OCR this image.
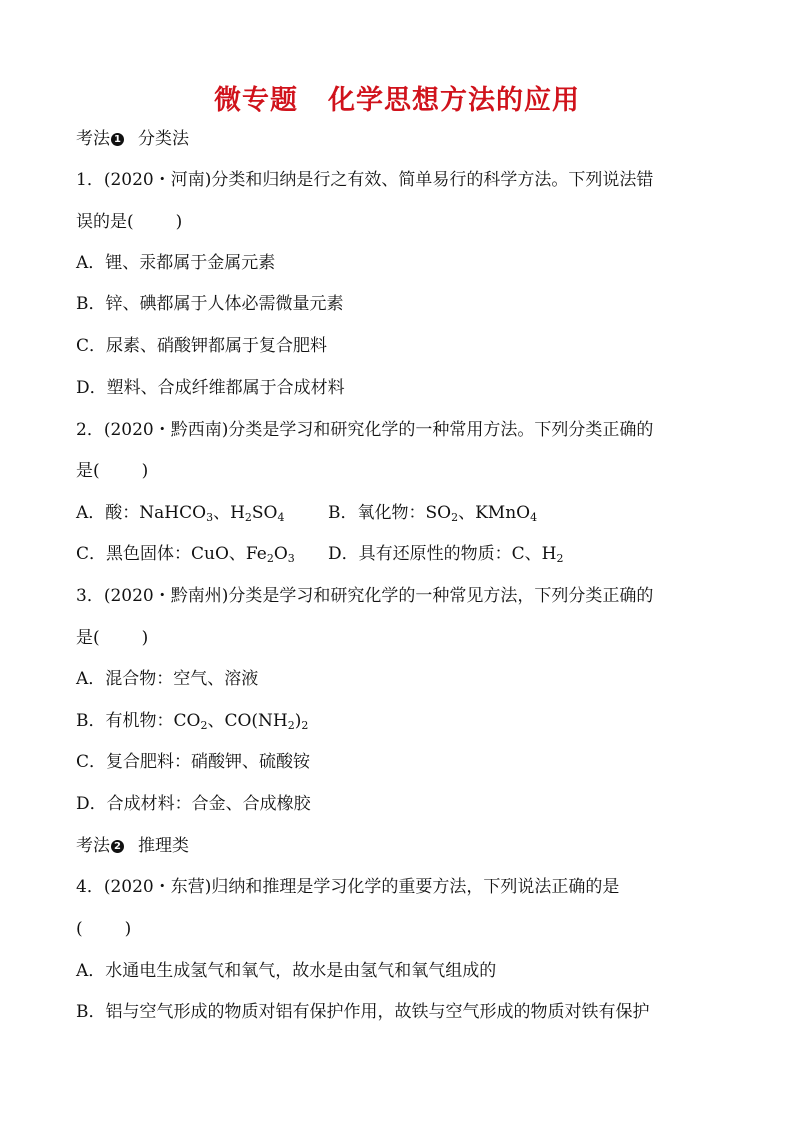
微专题 化学思想方法的应用
考法 1 分类法
1．(2020・河南)分类和归纳是行之有效、简单易行的科学方法。下列说法错
误的是( )
A．锂、汞都属于金属元素
B．锌、碘都属于人体必需微量元素
C．尿素、硝酸钾都属于复合肥料
D．塑料、合成纤维都属于合成材料
2．(2020・黔西南)分类是学习和研究化学的一种常用方法。下列分类正确的
是( )
A．酸：NaHCO$_3$、$H_2SO_4$	B．氧化物：$SO_2$、KMnO$_4$
C．黑色固体：CuO、$Fe_2O_3$ D．具有还原性的物质：C、$H_2$
3．(2020・黔南州)分类是学习和研究化学的一种常见方法，下列分类正确的
是( )
A．混合物：空气、溶液
B．有机物：$CO_2$、$CO(NH_2)_2$
C．复合肥料：硝酸钾、硫酸铵
D．合成材料：合金、合成橡胶
考法 2 推理类
4．(2020・东营)归纳和推理是学习化学的重要方法，下列说法正确的是
( )
A．水通电生成氢气和氧气，故水是由氢气和氧气组成的
B．铝与空气形成的物质对铝有保护作用，故铁与空气形成的物质对铁有保护
